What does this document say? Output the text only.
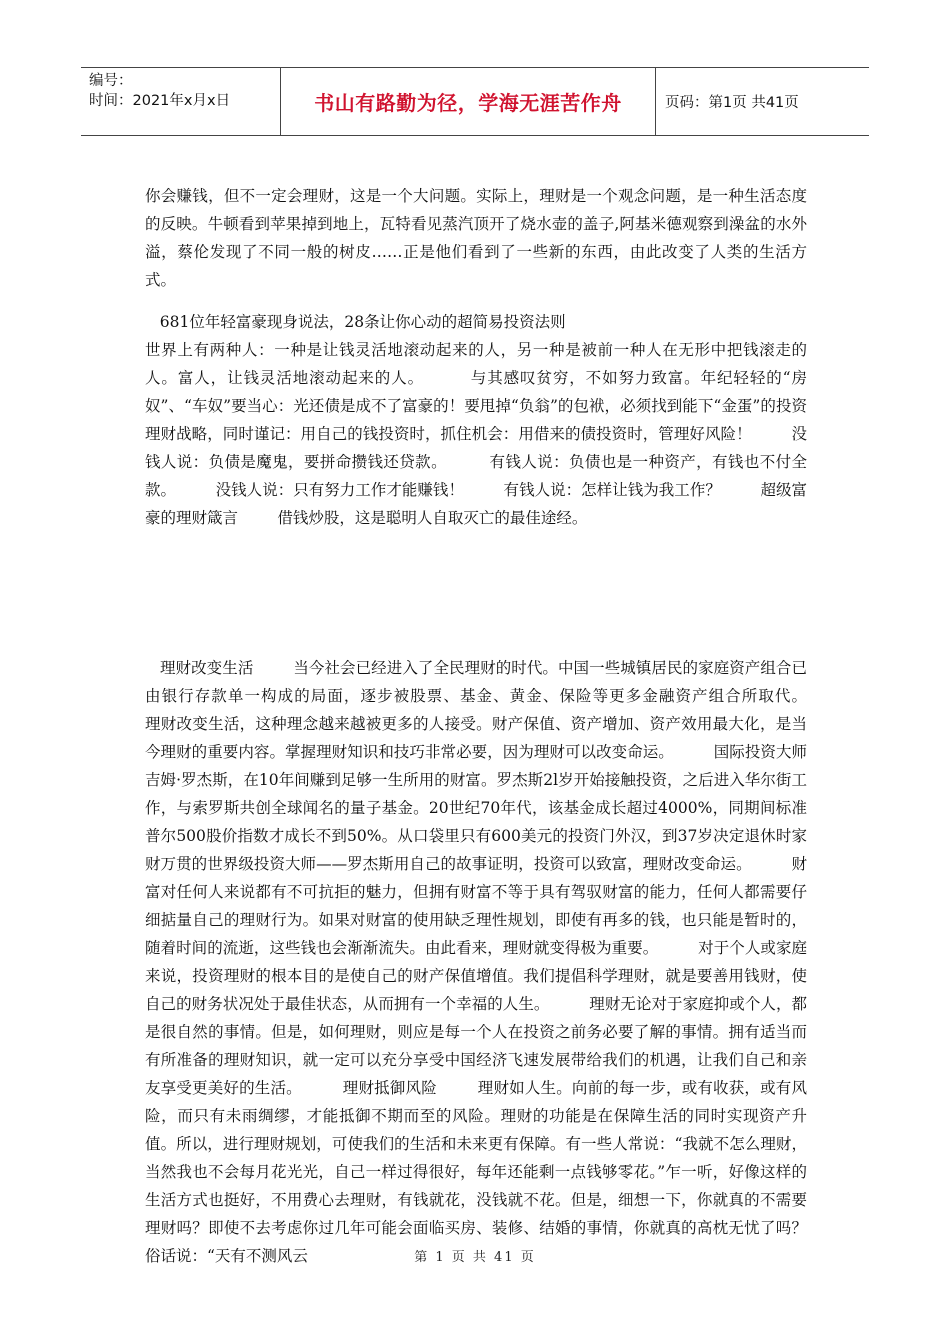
编号：
时间：2021年x月x日	书山有路勤为径，学海无涯苦作舟	页码：第1页 共41页

你会赚钱，但不一定会理财，这是一个大问题。实际上，理财是一个观念问题，是一种生活态度的反映。牛顿看到苹果掉到地上，瓦特看见蒸汽顶开了烧水壶的盖子,阿基米德观察到澡盆的水外溢，蔡伦发现了不同一般的树皮……正是他们看到了一些新的东西，由此改变了人类的生活方式。

681位年轻富豪现身说法，28条让你心动的超简易投资法则
世界上有两种人：一种是让钱灵活地滚动起来的人，另一种是被前一种人在无形中把钱滚走的人。富人，让钱灵活地滚动起来的人。        与其感叹贫穷，不如努力致富。年纪轻轻的“房奴”、“车奴”要当心：光还债是成不了富豪的！要甩掉“负翁”的包袱，必须找到能下“金蛋”的投资理财战略，同时谨记：用自己的钱投资时，抓住机会：用借来的债投资时，管理好风险！        没钱人说：负债是魔鬼，要拼命攒钱还贷款。        有钱人说：负债也是一种资产，有钱也不付全款。        没钱人说：只有努力工作才能赚钱！        有钱人说：怎样让钱为我工作？        超级富豪的理财箴言        借钱炒股，这是聪明人自取灭亡的最佳途经。

理财改变生活        当今社会已经进入了全民理财的时代。中国一些城镇居民的家庭资产组合已由银行存款单一构成的局面，逐步被股票、基金、黄金、保险等更多金融资产组合所取代。        理财改变生活，这种理念越来越被更多的人接受。财产保值、资产增加、资产效用最大化，是当今理财的重要内容。掌握理财知识和技巧非常必要，因为理财可以改变命运。        国际投资大师吉姆·罗杰斯，在10年间赚到足够一生所用的财富。罗杰斯2l岁开始接触投资，之后进入华尔街工作，与索罗斯共创全球闻名的量子基金。20世纪70年代，该基金成长超过4000%，同期间标准普尔500股价指数才成长不到50%。从口袋里只有600美元的投资门外汉，到37岁决定退休时家财万贯的世界级投资大师——罗杰斯用自己的故事证明，投资可以致富，理财改变命运。        财富对任何人来说都有不可抗拒的魅力，但拥有财富不等于具有驾驭财富的能力，任何人都需要仔细掂量自己的理财行为。如果对财富的使用缺乏理性规划，即使有再多的钱，也只能是暂时的，随着时间的流逝，这些钱也会渐渐流失。由此看来，理财就变得极为重要。        对于个人或家庭来说，投资理财的根本目的是使自己的财产保值增值。我们提倡科学理财，就是要善用钱财，使自己的财务状况处于最佳状态，从而拥有一个幸福的人生。        理财无论对于家庭抑或个人，都是很自然的事情。但是，如何理财，则应是每一个人在投资之前务必要了解的事情。拥有适当而有所准备的理财知识，就一定可以充分享受中国经济飞速发展带给我们的机遇，让我们自己和亲友享受更美好的生活。        理财抵御风险        理财如人生。向前的每一步，或有收获，或有风险，而只有未雨绸缪，才能抵御不期而至的风险。理财的功能是在保障生活的同时实现资产升值。所以，进行理财规划，可使我们的生活和未来更有保障。有一些人常说：“我就不怎么理财，当然我也不会每月花光光，自己一样过得很好，每年还能剩一点钱够零花。”乍一听，好像这样的生活方式也挺好，不用费心去理财，有钱就花，没钱就不花。但是，细想一下，你就真的不需要理财吗？即使不去考虑你过几年可能会面临买房、装修、结婚的事情，你就真的高枕无忧了吗？        俗话说：“天有不测风云	第 1 页 共 41 页
